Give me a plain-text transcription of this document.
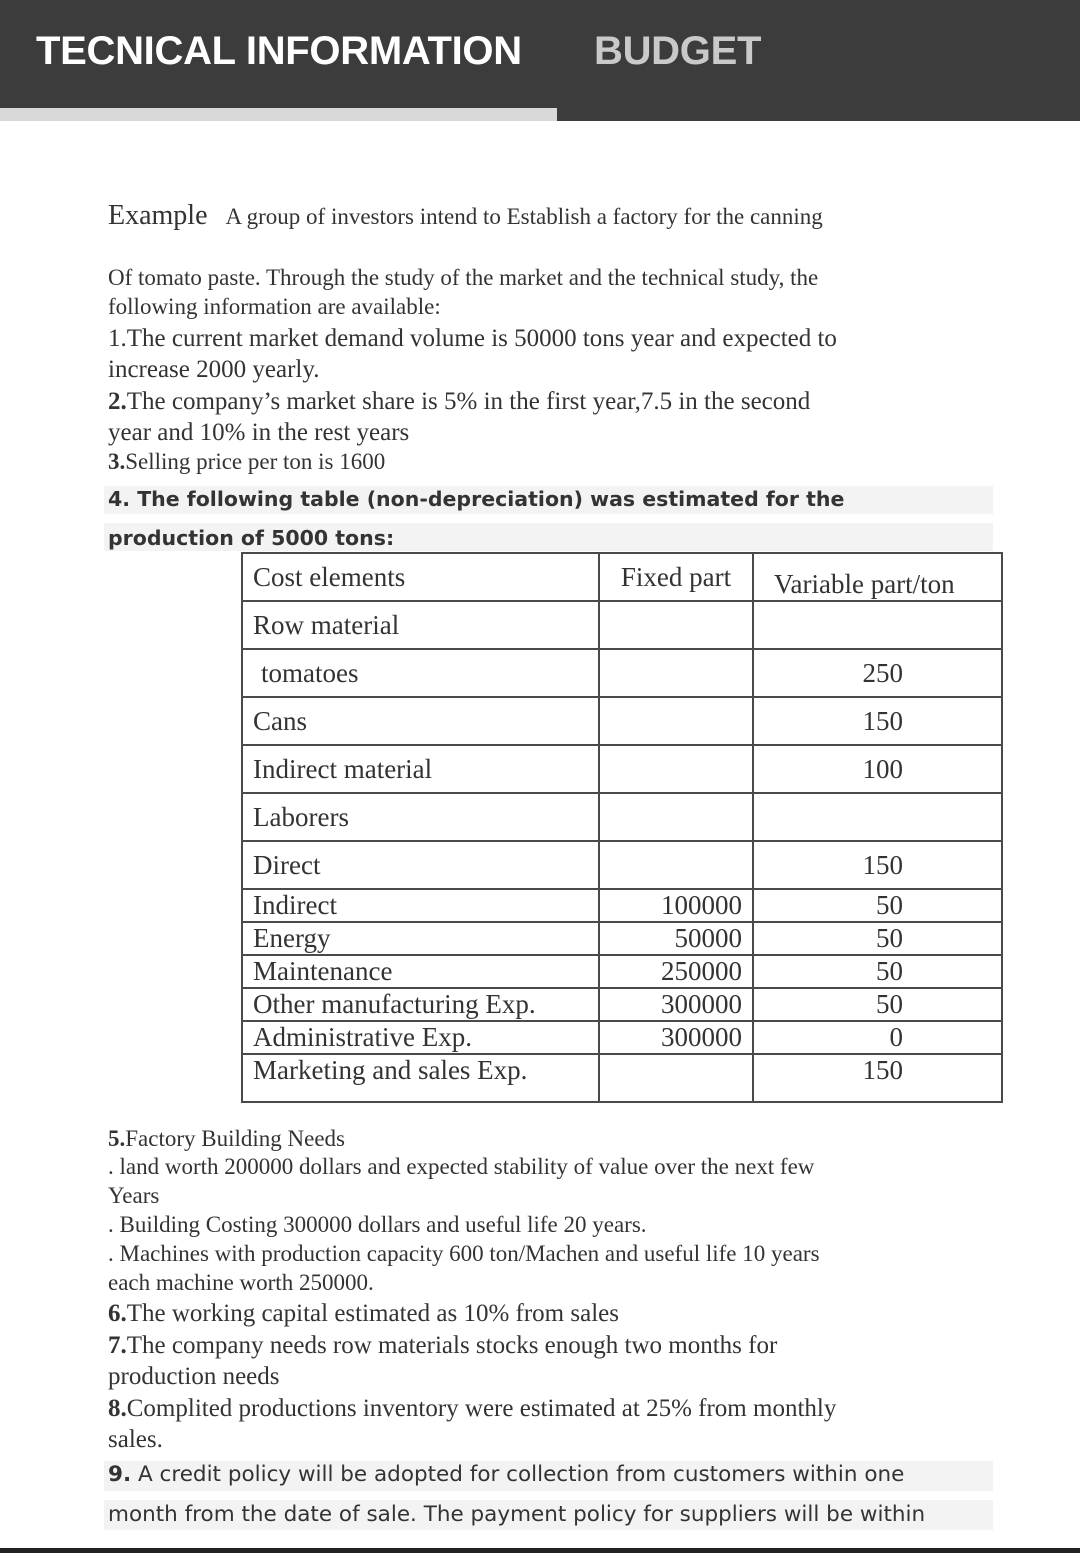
TECNICAL INFORMATION BUDGET
Example A group of investors intend to Establish a factory for the canning
Of tomato paste. Through the study of the market and the technical study, the
following information are available:
1.The current market demand volume is 50000 tons year and expected to
increase 2000 yearly.
2.The company’s market share is 5% in the first year,7.5 in the second
year and 10% in the rest years
3.Selling price per ton is 1600
4. The following table (non-depreciation) was estimated for the
production of 5000 tons:
Cost elements	Fixed part	Variable part/ton
Row material		
tomatoes		250
Cans		150
Indirect material		100
Laborers		
Direct		150
Indirect	100000	50
Energy	50000	50
Maintenance	250000	50
Other manufacturing Exp.	300000	50
Administrative Exp.	300000	0
Marketing and sales Exp.		150
5.Factory Building Needs
. land worth 200000 dollars and expected stability of value over the next few
Years
. Building Costing 300000 dollars and useful life 20 years.
. Machines with production capacity 600 ton/Machen and useful life 10 years
each machine worth 250000.
6.The working capital estimated as 10% from sales
7.The company needs row materials stocks enough two months for
production needs
8.Complited productions inventory were estimated at 25% from monthly
sales.
9. A credit policy will be adopted for collection from customers within one
month from the date of sale. The payment policy for suppliers will be within
